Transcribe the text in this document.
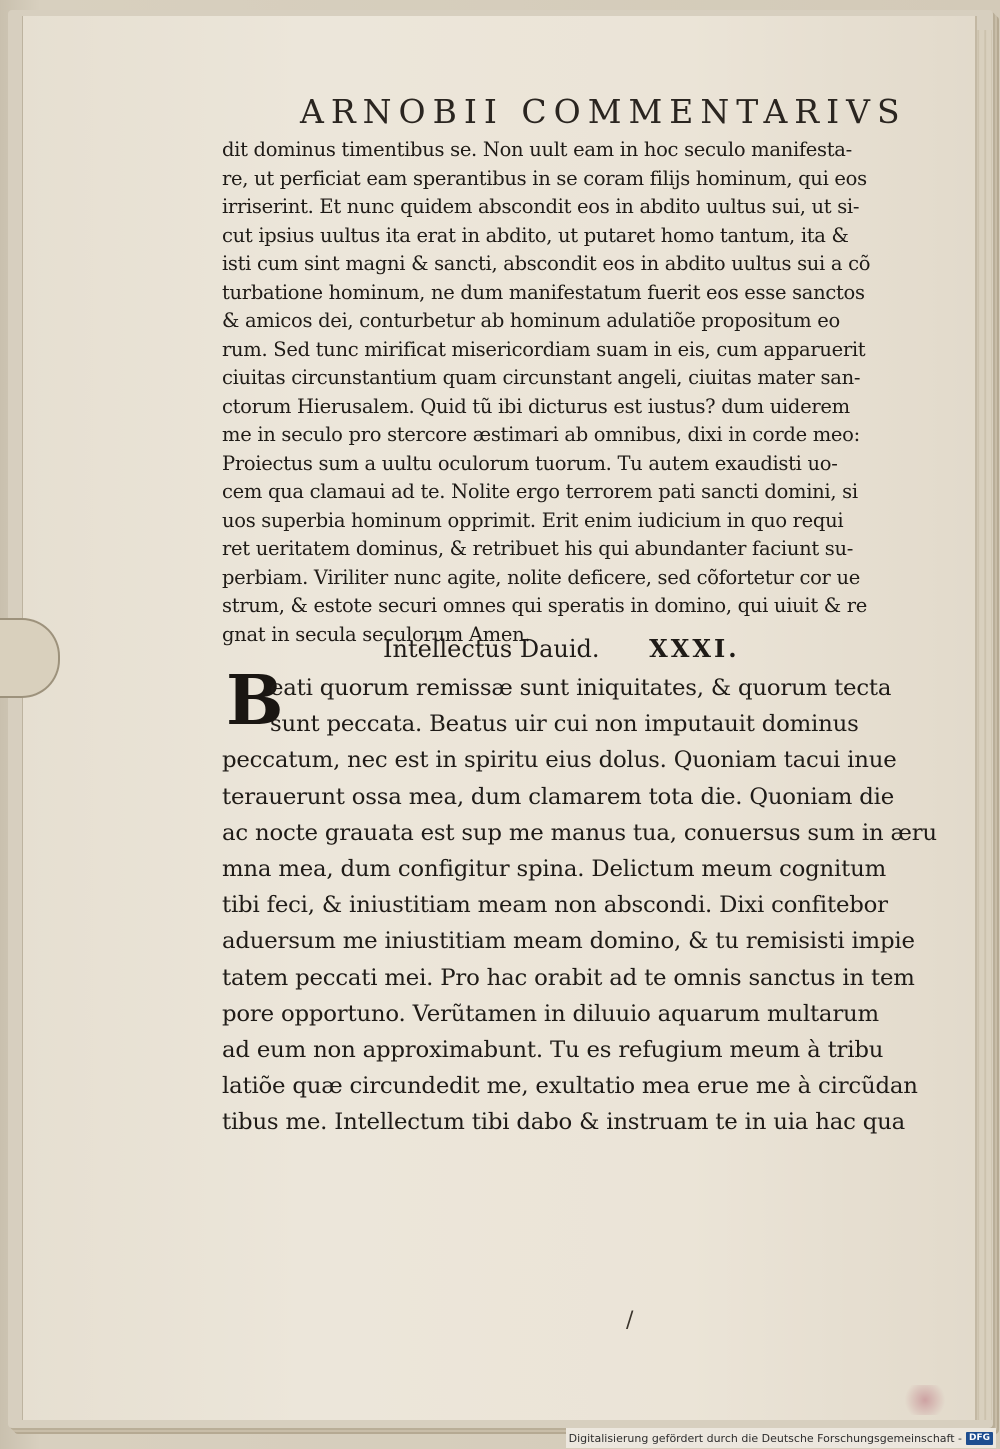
ARNOBII COMMENTARIVS
dit dominus timentibus se. Non uult eam in hoc seculo manifesta-
re, ut perficiat eam sperantibus in se coram filijs hominum, qui eos
irriserint. Et nunc quidem abscondit eos in abdito uultus sui, ut si-
cut ipsius uultus ita erat in abdito, ut putaret homo tantum, ita &
isti cum sint magni & sancti, abscondit eos in abdito uultus sui a cõ
turbatione hominum, ne dum manifestatum fuerit eos esse sanctos
& amicos dei, conturbetur ab hominum adulatiõe propositum eo
rum. Sed tunc mirificat misericordiam suam in eis, cum apparuerit
ciuitas circunstantium quam circunstant angeli, ciuitas mater san-
ctorum Hierusalem. Quid tũ ibi dicturus est iustus? dum uiderem
me in seculo pro stercore æstimari ab omnibus, dixi in corde meo:
Proiectus sum a uultu oculorum tuorum. Tu autem exaudisti uo-
cem qua clamaui ad te. Nolite ergo terrorem pati sancti domini, si
uos superbia hominum opprimit. Erit enim iudicium in quo requi
ret ueritatem dominus, & retribuet his qui abundanter faciunt su-
perbiam. Viriliter nunc agite, nolite deficere, sed cõfortetur cor ue
strum, & estote securi omnes qui speratis in domino, qui uiuit & re
gnat in secula seculorum Amen.
Intellectus Dauid. XXXI.
B
eati quorum remissæ sunt iniquitates, & quorum tecta
sunt peccata. Beatus uir cui non imputauit dominus
peccatum, nec est in spiritu eius dolus. Quoniam tacui inue
terauerunt ossa mea, dum clamarem tota die. Quoniam die
ac nocte grauata est sup me manus tua, conuersus sum in æru
mna mea, dum configitur spina. Delictum meum cognitum
tibi feci, & iniustitiam meam non abscondi. Dixi confitebor
aduersum me iniustitiam meam domino, & tu remisisti impie
tatem peccati mei. Pro hac orabit ad te omnis sanctus in tem
pore opportuno. Verũtamen in diluuio aquarum multarum
ad eum non approximabunt. Tu es refugium meum à tribu
latiõe quæ circundedit me, exultatio mea erue me à circũdan
tibus me. Intellectum tibi dabo & instruam te in uia hac qua
/
Digitalisierung gefördert durch die Deutsche Forschungsgemeinschaft - DFG
